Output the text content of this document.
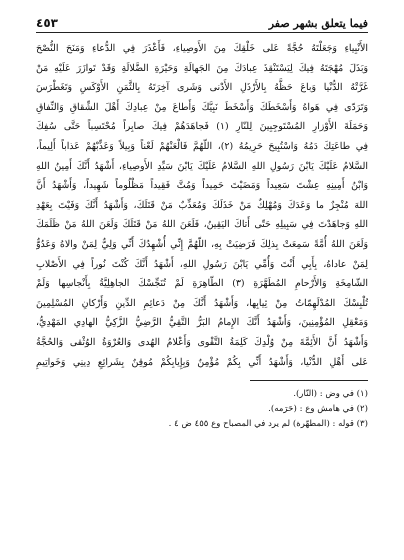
فيما يتعلق بشهر صفر
٤٥٣
الأَنْبِياءِ وَجَعَلْتَهُ حُجَّةً عَلى خَلْقِكَ مِنَ الأَوصِياءِ، فَأَعْذَرَ فِي الدُّعاءِ وَمَنَحَ النُّصْحَ
وَبَذَلَ مُهْجَتَهُ فِيكَ لِيَسْتَنْقِذَ عِبادَكَ مِنَ الجَهالَةِ وَحَيْرَةِ الضَّلالَةِ وَقَدْ تَوازَرَ عَلَيْهِ مَنْ
غَرَّتْهُ الدُّنْيا وَباعَ حَظَّهُ بِالأَرْذَلِ الأَدْنى وَشَرى آخِرَتَهُ بِالثَّمَنِ الأَوْكَسِ وَتَغَطْرَسَ
وَتَرَدّى فِي هَواهُ وَأَسْخَطَكَ وَأَسْخَطَ نَبِيَّكَ وَأَطاعَ مِنْ عِبادِكَ أَهْلَ الشِّقاقِ وَالنِّفاقِ
وَحَمَلَةَ الأَوْزارِ المُسْتَوجِبِينَ لِلنّارِ (١) فَجاهَدَهُمْ فِيكَ صابِراً مُحْتَسِباً حَتَّى سُفِكَ
فِي طاعَتِكَ دَمُهُ وَاسْتُبِيحَ حَرِيمُهُ (٢)، اللّهُمَّ فَالْعَنْهُمْ لَعْناً وَبِيلاً وَعَذِّبْهُمْ عَذاباً أَلِيماً،
السَّلامُ عَلَيْكَ يَابْنَ رَسُولِ اللهِ السَّلامُ عَلَيْكَ يَابْنَ سَيِّدِ الأَوصِياءِ، أَشْهَدُ أَنَّكَ أَمِينُ اللهِ
وَابْنُ أَمِينِهِ عِشْتَ سَعِيداً وَمَضَيْتَ حَمِيداً وَمُتَّ فَقِيداً مَظْلُوماً شَهِيداً، وَأَشْهَدُ أَنَّ
اللهَ مُنْجِزٌ ما وَعَدَكَ وَمُهْلِكٌ مَنْ خَذَلَكَ وَمُعَذِّبٌ مَنْ قَتَلَكَ، وَأَشْهَدُ أَنَّكَ وَفَيْتَ بِعَهْدِ
اللهِ وَجاهَدْتَ فِي سَبِيلِهِ حَتّى أَتاكَ اليَقِينُ، فَلَعَنَ اللهُ مَنْ قَتَلَكَ وَلَعَنَ اللهُ مَنْ ظَلَمَكَ
وَلَعَنَ اللهُ أُمَّةً سَمِعَتْ بِذلِكَ فَرَضِيَتْ بِهِ، اللّهُمَّ إِنِّي أُشْهِدُكَ أَنِّي وَلِيٌّ لِمَنْ والاهُ وَعَدُوٌّ
لِمَنْ عاداهُ، بِأَبِي أَنْتَ وَأُمِّي يَابْنَ رَسُولِ اللهِ، أَشْهَدُ أَنَّكَ كُنْتَ نُوراً فِي الأَصْلابِ
الشّامِخَةِ وَالأَرْحامِ المُطَهَّرَةِ (٣) الطّاهِرَةِ لَمْ تُنَجِّسْكَ الجاهِلِيَّةُ بِأَنْجاسِها وَلَمْ
تُلْبِسْكَ المُدْلَهِمّاتُ مِنْ ثِيابِها، وَأَشْهَدُ أَنَّكَ مِنْ دَعائِمِ الدِّينِ وَأَرْكانِ المُسْلِمِينَ
وَمَعْقِلِ المُؤْمِنِينَ، وَأَشْهَدُ أَنَّكَ الإِمامُ البَرُّ التَّقِيُّ الرَّضِيُّ الزَّكِيُّ الهادِي المَهْدِيُّ،
وَأَشْهَدُ أَنَّ الأَئِمَّةَ مِنْ وُلْدِكَ كَلِمَةُ التَّقْوى وَأَعْلامُ الهُدى وَالعُرْوَةُ الوُثْقى وَالحُجَّةُ
عَلى أَهْلِ الدُّنْيا، وَأَشْهَدُ أَنِّي بِكُمْ مُؤْمِنٌ وَبِإِيابِكُمْ مُوقِنٌ بِشَرائِعِ دِينِي وَخَواتِيمِ
(١) في وض : (النّار).
(٢) في هامش وع : (حَرَمه).
(٣) قوله : (المطهّرة) لم يرد في المصباح وع ٤٥٥ ض ٤ .
